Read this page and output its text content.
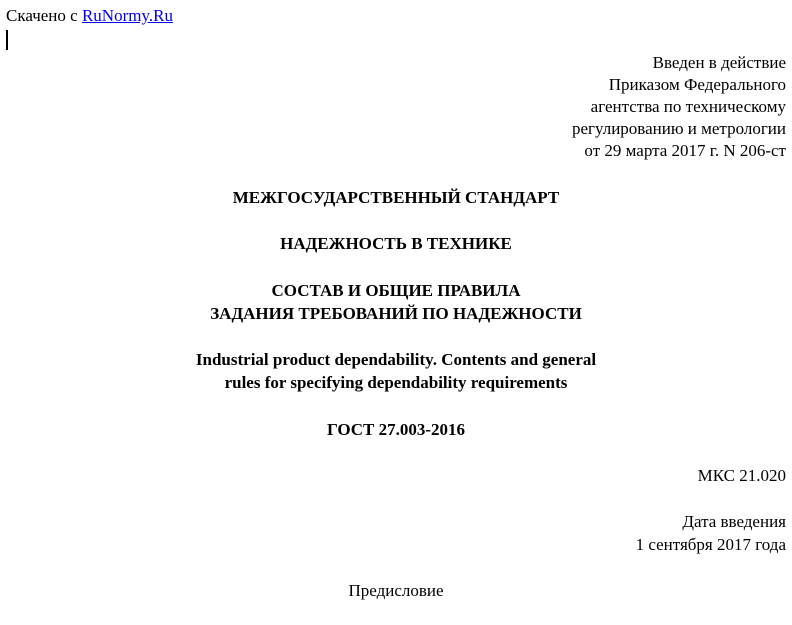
Скачено с RuNormy.Ru
Введен в действие
Приказом Федерального
агентства по техническому
регулированию и метрологии
от 29 марта 2017 г. N 206-ст
МЕЖГОСУДАРСТВЕННЫЙ СТАНДАРТ
НАДЕЖНОСТЬ В ТЕХНИКЕ
СОСТАВ И ОБЩИЕ ПРАВИЛА
ЗАДАНИЯ ТРЕБОВАНИЙ ПО НАДЕЖНОСТИ
Industrial product dependability. Contents and general
rules for specifying dependability requirements
ГОСТ 27.003-2016
МКС 21.020
Дата введения
1 сентября 2017 года
Предисловие
